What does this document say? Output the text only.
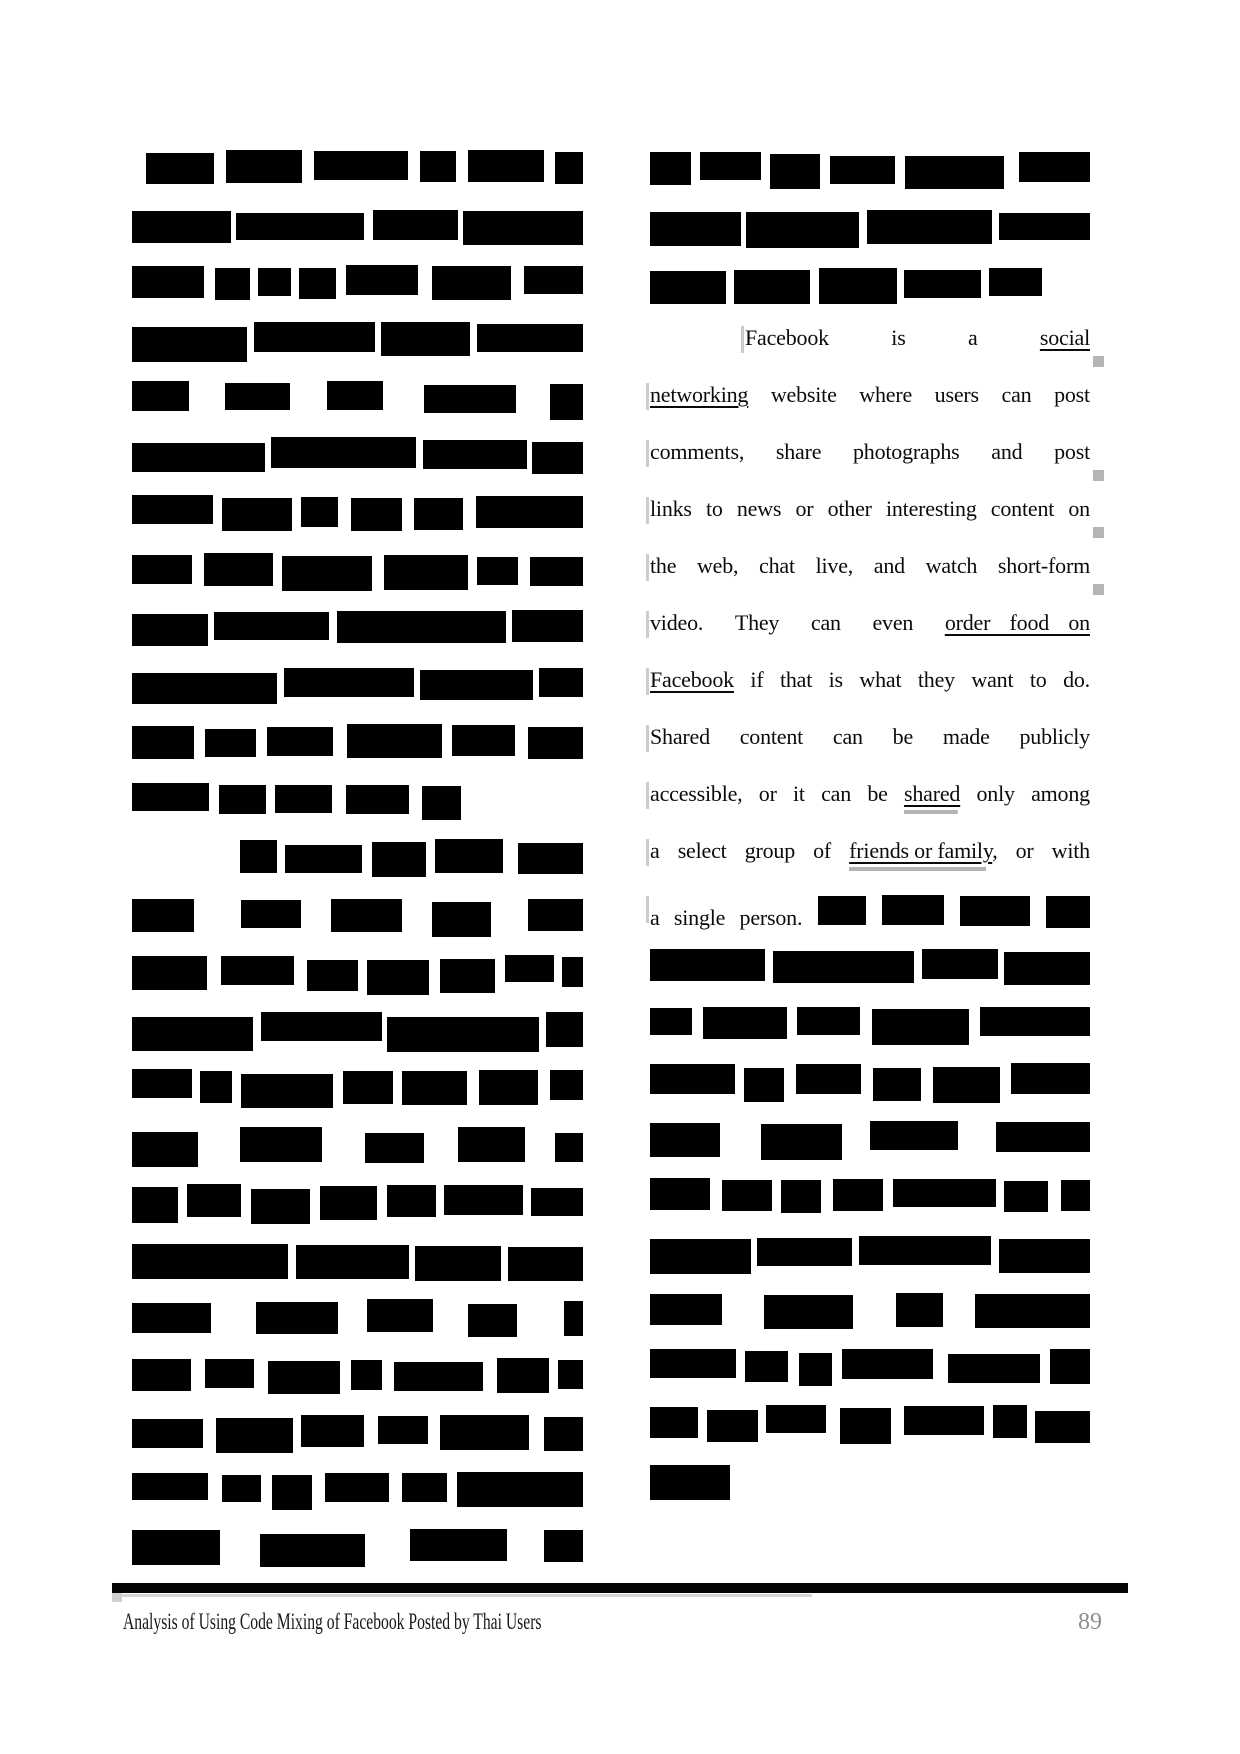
Facebook	is	a	social
networking website where users can post
comments, share photographs and post
links to news or other interesting content on
the web, chat live, and watch short-form
video. They can even order food on
Facebook if that is what they want to do.
Shared content can be made publicly
accessible, or it can be shared only among
a select group of friends or family, or with
a single person.
Analysis of Using Code Mixing of Facebook Posted by Thai Users	89
